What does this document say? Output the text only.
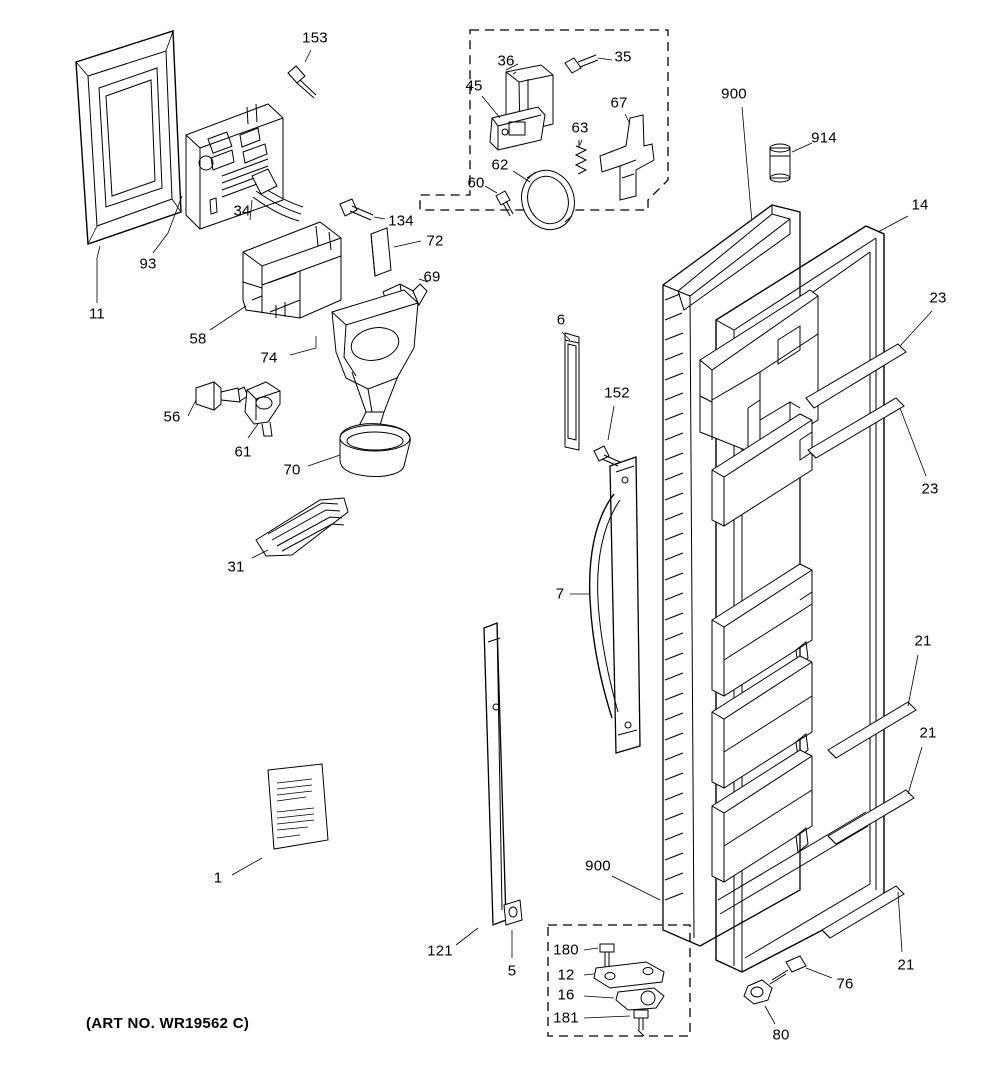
153
36	35
45
67
900
914
63
62
60
93
34
134
14
72
69
11
23
6
58
74
56
61
152
23
70
31
7
21
21
1
900
121
5
180
12
16
181
76
80
21
(ART NO. WR19562 C)
